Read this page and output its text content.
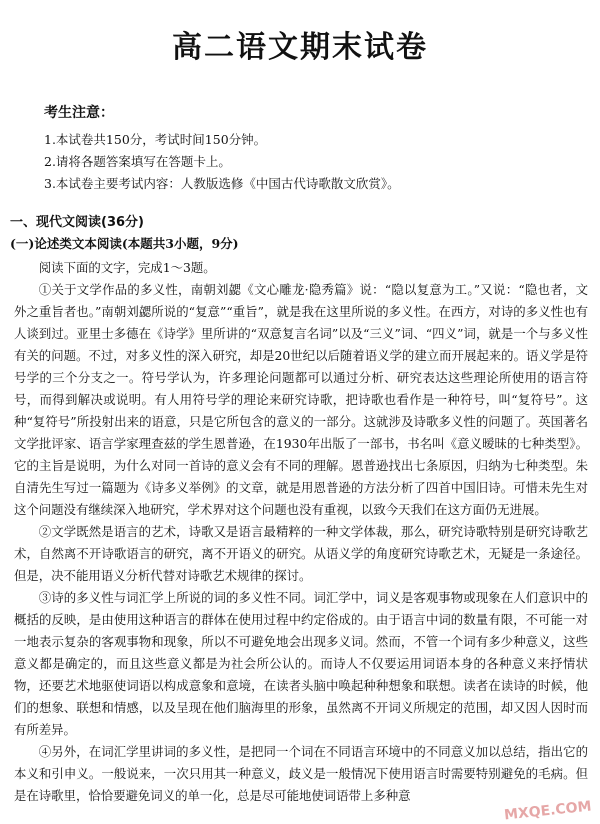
高二语文期末试卷
考生注意：
1.本试卷共150分，考试时间150分钟。
2.请将各题答案填写在答题卡上。
3.本试卷主要考试内容：人教版选修《中国古代诗歌散文欣赏》。
一、现代文阅读(36分)
(一)论述类文本阅读(本题共3小题，9分)

阅读下面的文字，完成1～3题。

①关于文学作品的多义性，南朝刘勰《文心雕龙·隐秀篇》说：“隐以复意为工。”又说：“隐也者，文外之重旨者也。”南朝刘勰所说的“复意”“重旨”，就是我在这里所说的多义性。在西方，对诗的多义性也有人谈到过。亚里士多德在《诗学》里所讲的“双意复言名词”以及“三义”词、“四义”词，就是一个与多义性有关的问题。不过，对多义性的深入研究，却是20世纪以后随着语义学的建立而开展起来的。语义学是符号学的三个分支之一。符号学认为，许多理论问题都可以通过分析、研究表达这些理论所使用的语言符号，而得到解决或说明。有人用符号学的理论来研究诗歌，把诗歌也看作是一种符号，叫“复符号”。这种“复符号”所投射出来的语意，只是它所包含的意义的一部分。这就涉及诗歌多义性的问题了。英国著名文学批评家、语言学家理查兹的学生恩普逊，在1930年出版了一部书，书名叫《意义暧昧的七种类型》。它的主旨是说明，为什么对同一首诗的意义会有不同的理解。恩普逊找出七条原因，归纳为七种类型。朱自清先生写过一篇题为《诗多义举例》的文章，就是用恩普逊的方法分析了四首中国旧诗。可惜未先生对这个问题没有继续深入地研究，学术界对这个问题也没有重视，以致今天我们在这方面仍无进展。

②文学既然是语言的艺术，诗歌又是语言最精粹的一种文学体裁，那么，研究诗歌特别是研究诗歌艺术，自然离不开诗歌语言的研究，离不开语义的研究。从语义学的角度研究诗歌艺术，无疑是一条途径。但是，决不能用语义分析代替对诗歌艺术规律的探讨。

③诗的多义性与词汇学上所说的词的多义性不同。词汇学中，词义是客观事物或现象在人们意识中的概括的反映，是由使用这种语言的群体在使用过程中约定俗成的。由于语言中词的数量有限，不可能一对一地表示复杂的客观事物和现象，所以不可避免地会出现多义词。然而，不管一个词有多少种意义，这些意义都是确定的，而且这些意义都是为社会所公认的。而诗人不仅要运用词语本身的各种意义来抒情状物，还要艺术地驱使词语以构成意象和意境，在读者头脑中唤起种种想象和联想。读者在读诗的时候，他们的想象、联想和情感，以及呈现在他们脑海里的形象，虽然离不开词义所规定的范围，却又因人因时而有所差异。

④另外，在词汇学里讲词的多义性，是把同一个词在不同语言环境中的不同意义加以总结，指出它的本义和引申义。一般说来，一次只用其一种意义，歧义是一般情况下使用语言时需要特别避免的毛病。但是在诗歌里，恰恰要避免词义的单一化，总是尽可能地使词语带上多种意

MXQE.COM
